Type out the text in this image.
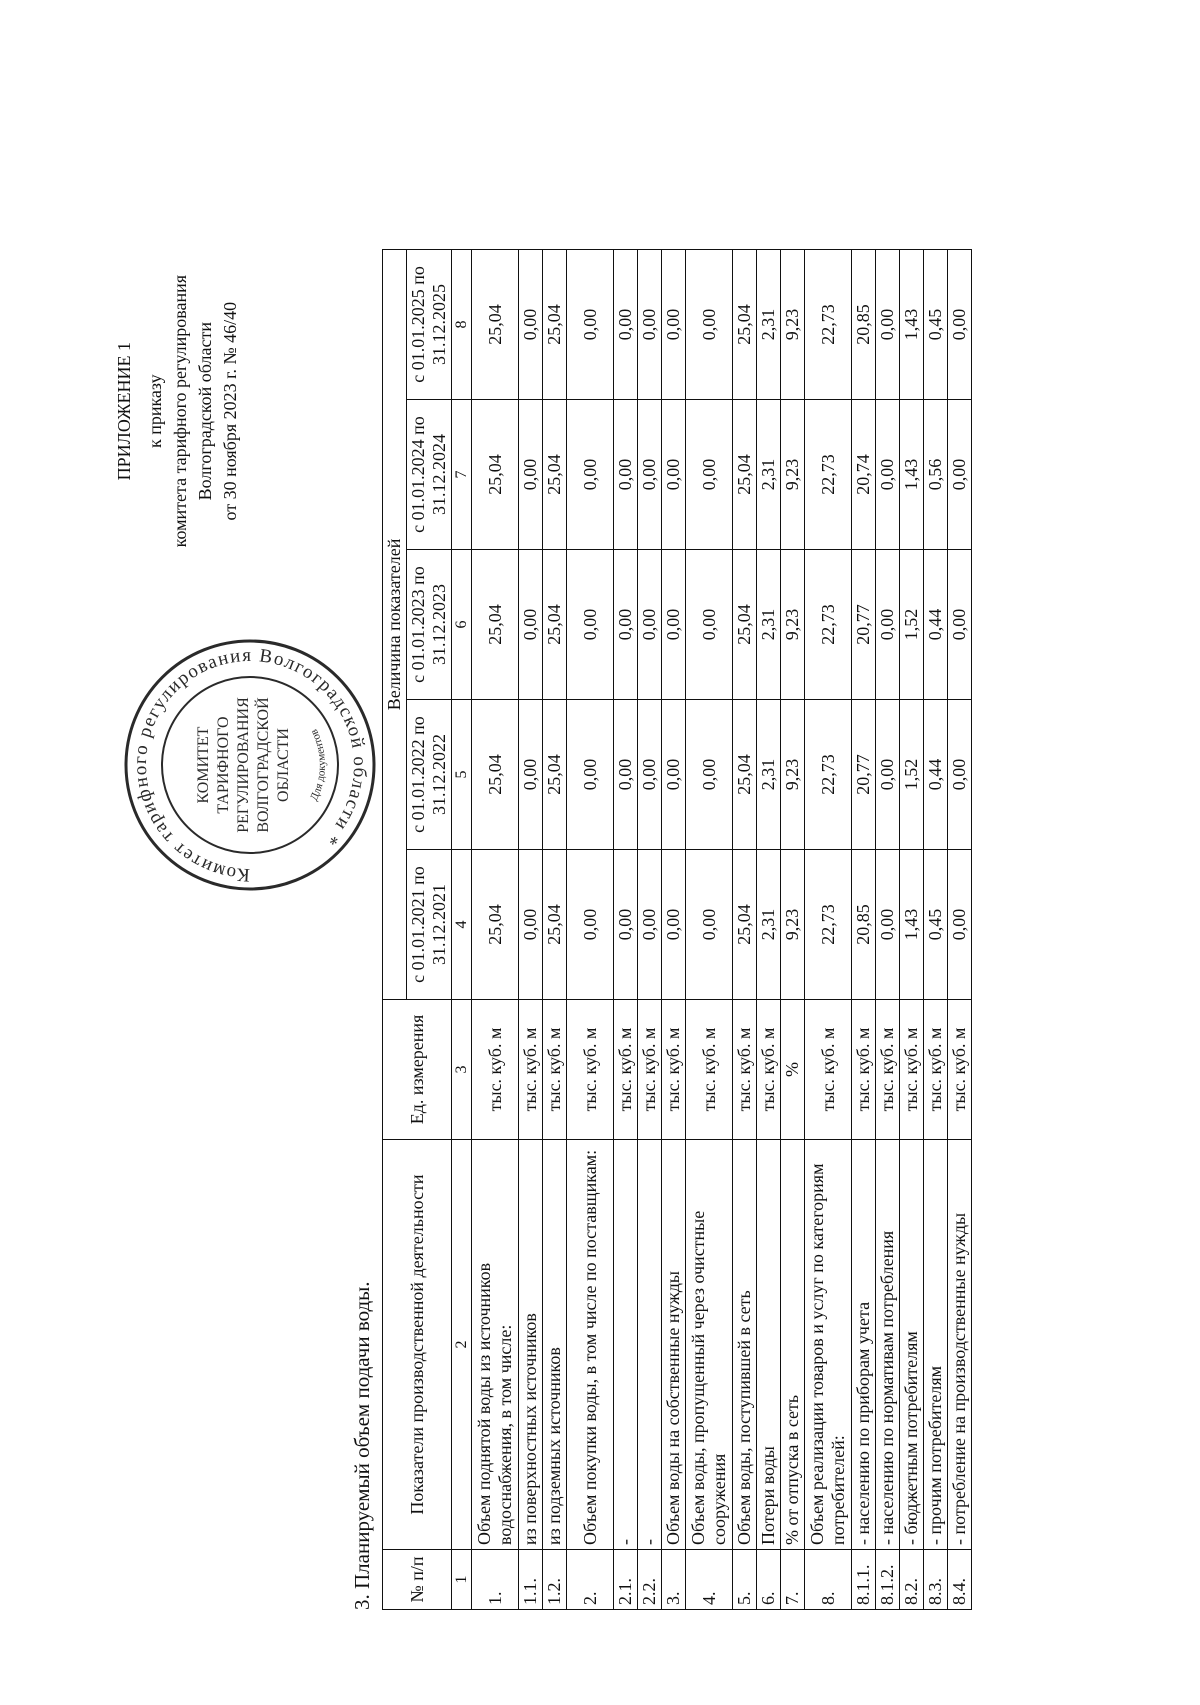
ПРИЛОЖЕНИЕ 1 к приказу комитета тарифного регулирования Волгоградской области от 30 ноября 2023 г. № 46/40
Комитет тарифного регулирования Волгоградской области *
КОМИТЕТ ТАРИФНОГО РЕГУЛИРОВАНИЯ ВОЛГОГРАДСКОЙ ОБЛАСТИ Для документов
3. Планируемый объем подачи воды. № п/п	Показатели производственной деятельности	Ед. измерения	Величина показателей				
			с 01.01.2021 по 31.12.2021	с 01.01.2022 по 31.12.2022	с 01.01.2023 по 31.12.2023	с 01.01.2024 по 31.12.2024	с 01.01.2025 по 31.12.2025
1	2	3	4	5	6	7	8
1.	Объем поднятой воды из источников водоснабжения, в том числе:	тыс. куб. м	25,04	25,04	25,04	25,04	25,04
1.1.	из поверхностных источников	тыс. куб. м	0,00	0,00	0,00	0,00	0,00
1.2.	из подземных источников	тыс. куб. м	25,04	25,04	25,04	25,04	25,04
2.	Объем покупки воды, в том числе по поставщикам:	тыс. куб. м	0,00	0,00	0,00	0,00	0,00
2.1.	-	тыс. куб. м	0,00	0,00	0,00	0,00	0,00
2.2.	-	тыс. куб. м	0,00	0,00	0,00	0,00	0,00
3.	Объем воды на собственные нужды	тыс. куб. м	0,00	0,00	0,00	0,00	0,00
4.	Объем воды, пропущенный через очистные сооружения	тыс. куб. м	0,00	0,00	0,00	0,00	0,00
5.	Объем воды, поступившей в сеть	тыс. куб. м	25,04	25,04	25,04	25,04	25,04
6.	Потери воды	тыс. куб. м	2,31	2,31	2,31	2,31	2,31
7.	% от отпуска в сеть	%	9,23	9,23	9,23	9,23	9,23
8.	Объем реализации товаров и услуг по категориям потребителей:	тыс. куб. м	22,73	22,73	22,73	22,73	22,73
8.1.1.	- населению по приборам учета	тыс. куб. м	20,85	20,77	20,77	20,74	20,85
8.1.2.	- населению по нормативам потребления	тыс. куб. м	0,00	0,00	0,00	0,00	0,00
8.2.	- бюджетным потребителям	тыс. куб. м	1,43	1,52	1,52	1,43	1,43
8.3.	- прочим потребителям	тыс. куб. м	0,45	0,44	0,44	0,56	0,45
8.4.	- потребление на производственные нужды	тыс. куб. м	0,00	0,00	0,00	0,00	0,00
